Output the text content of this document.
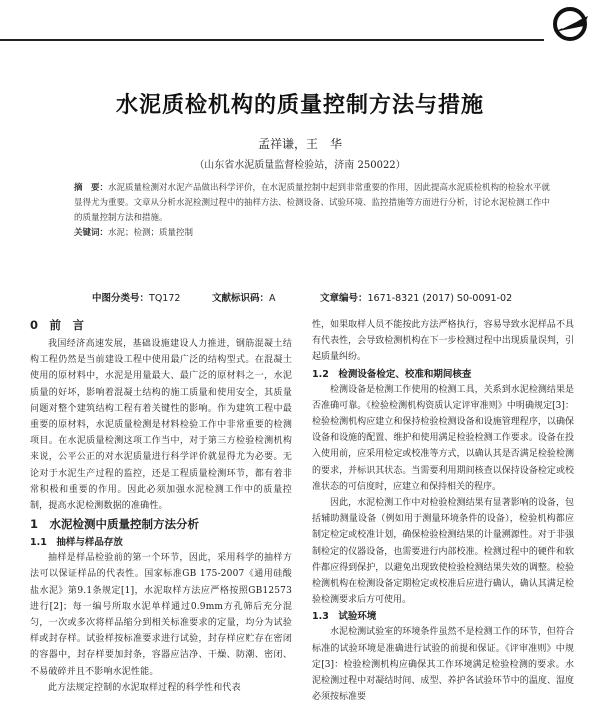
水泥质检机构的质量控制方法与措施
孟祥谦，王　华
（山东省水泥质量监督检验站，济南 250022）

摘　要：水泥质量检测对水泥产品做出科学评价，在水泥质量控制中起到非常重要的作用，因此提高水泥质检机构的检验水平就显得尤为重要。文章从分析水泥检测过程中的抽样方法、检测设备、试验环境、监控措施等方面进行分析，讨论水泥检测工作中的质量控制方法和措施。

关键词：水泥；检测；质量控制

中图分类号：TQ172	文献标识码：A	文章编号：1671-8321 (2017) S0-0091-02
0　前　言

我国经济高速发展，基础设施建设人力推进，钢筋混凝土结构工程仍然是当前建设工程中使用最广泛的结构型式。在混凝土使用的原材料中，水泥是用量最大、最广泛的原材料之一，水泥质量的好坏，影响着混凝土结构的施工质量和使用安全，其质量问题对整个建筑结构工程有着关键性的影响。作为建筑工程中最重要的原材料，水泥质量检测是材料检验工作中非常重要的检测项目。在水泥质量检测这项工作当中，对于第三方检验检测机构来说，公平公正的对水泥质量进行科学评价就显得尤为必要。无论对于水泥生产过程的监控，还是工程质量检测环节，都有着非常积极和重要的作用。因此必须加强水泥检测工作中的质量控制，提高水泥检测数据的准确性。

1　水泥检测中质量控制方法分析
1.1　抽样与样品存放

抽样是样品检验前的第一个环节，因此，采用科学的抽样方法可以保证样品的代表性。国家标准GB 175-2007《通用硅酸盐水泥》第9.1条规定[1]，水泥取样方法应严格按照GB12573进行[2]；每一编号所取水泥单样通过0.9mm方孔筛后充分混匀，一次或多次将样品缩分到相关标准要求的定量，均分为试验样或封存样。试验样按标准要求进行试验，封存样应贮存在密闭的容器中，封存样要加封条，容器应洁净、干燥、防潮、密闭、不易破碎并且不影响水泥性能。

此方法规定控制的水泥取样过程的科学性和代表

性，如果取样人员不能按此方法严格执行，容易导致水泥样品不具有代表性，会导致检测机构在下一步检测过程中出现质量误判，引起质量纠纷。

1.2　检测设备检定、校准和期间核查

检测设备是检测工作使用的检测工具，关系到水泥检测结果是否准确可靠。《检验检测机构资质认定评审准则》中明确规定[3]：检验检测机构应建立和保持检验检测设备和设施管理程序，以确保设备和设施的配置、维护和使用满足检验检测工作要求。设备在投入使用前，应采用检定或校准等方式，以确认其是否满足检验检测的要求，并标识其状态。当需要利用期间核查以保持设备检定或校准状态的可信度时，应建立和保持相关的程序。

因此，水泥检测工作中对检验检测结果有显著影响的设备，包括辅助测量设备（例如用于测量环境条件的设备），检验机构都应制定检定或校准计划，确保检验检测结果的计量溯源性。对于非强制检定的仪器设备，也需要进行内部校准。检测过程中的硬件和软件都应得到保护，以避免出现致使检验检测结果失效的调整。检验检测机构在检测设备定期检定或校准后应进行确认，确认其满足检验检测要求后方可使用。

1.3　试验环境

水泥检测试验室的环境条件虽然不是检测工作的环节，但符合标准的试验环境是准确进行试验的前提和保证。《评审准则》中规定[3]：检验检测机构应确保其工作环境满足检验检测的要求。水泥检测过程中对凝结时间、成型、养护各试验环节中的温度、湿度必须按标准要
